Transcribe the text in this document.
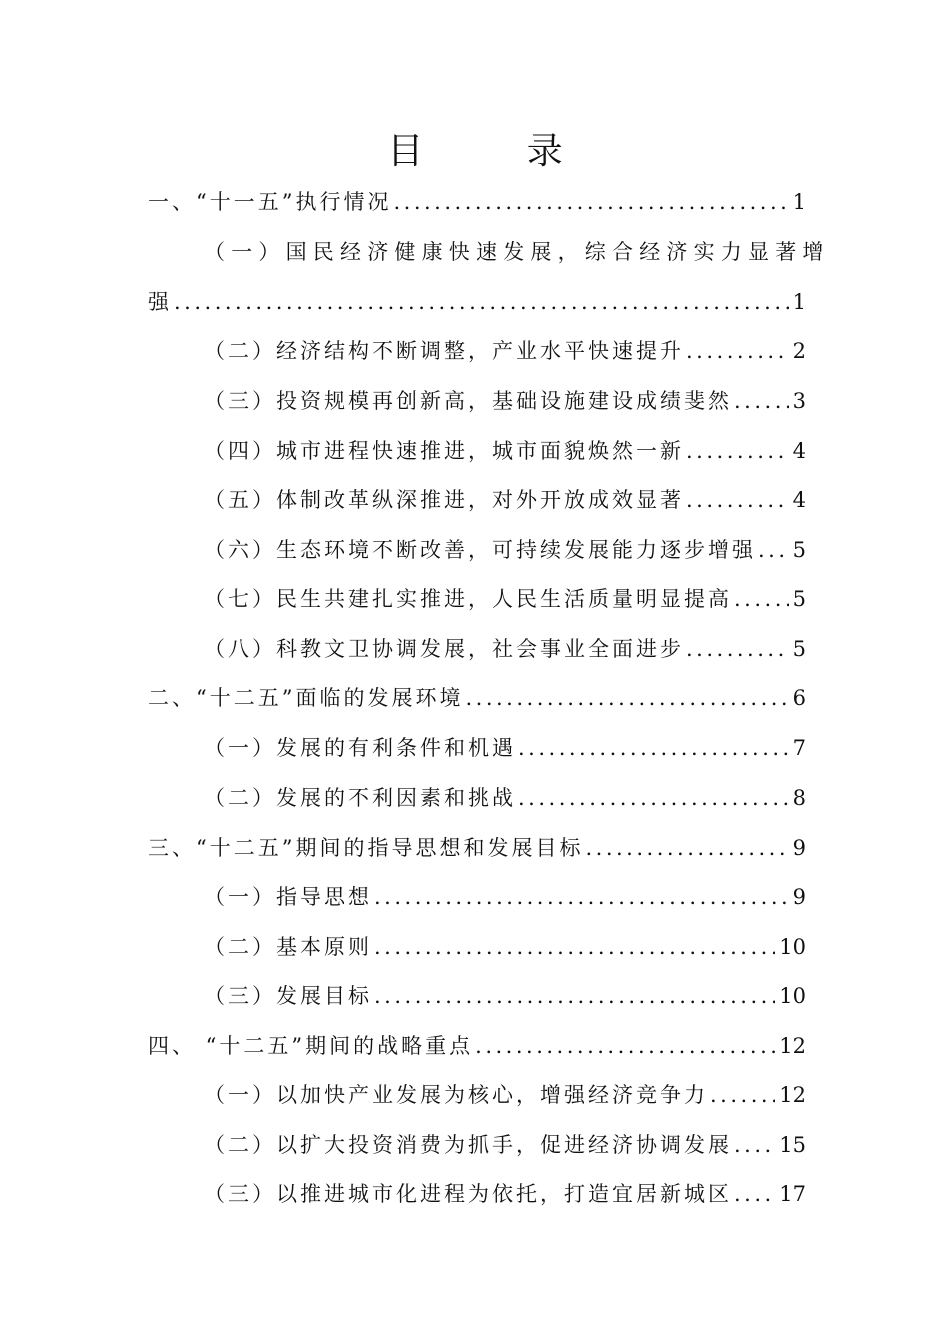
目 录
一、“十一五”执行情况 .....	1
（一）国民经济健康快速发展，综合经济实力显著增
强 .....	1
（二）经济结构不断调整，产业水平快速提升 .....	2
（三）投资规模再创新高，基础设施建设成绩斐然 .....	3
（四）城市进程快速推进，城市面貌焕然一新 .....	4
（五）体制改革纵深推进，对外开放成效显著 .....	4
（六）生态环境不断改善，可持续发展能力逐步增强 ..... 5
（七）民生共建扎实推进，人民生活质量明显提高 .....	5
（八）科教文卫协调发展，社会事业全面进步 .....	5
二、“十二五”面临的发展环境 .....	6
（一）发展的有利条件和机遇 .....	7
（二）发展的不利因素和挑战 .....	8
三、“十二五”期间的指导思想和发展目标 .....	9
（一）指导思想 .....	9
（二）基本原则 .....	10
（三）发展目标 .....	10
四、 “十二五”期间的战略重点 .....	12
（一）以加快产业发展为核心，增强经济竞争力 .....	12
（二）以扩大投资消费为抓手，促进经济协调发展 ..... 15
（三）以推进城市化进程为依托，打造宜居新城区 ..... 17
